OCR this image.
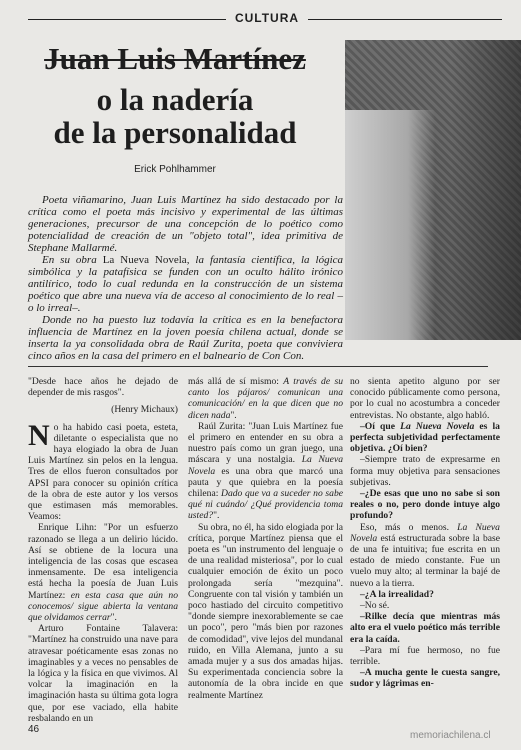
CULTURA
Juan Luis Martínez
o la nadería
de la personalidad
Erick Pohlhammer

Poeta viñamarino, Juan Luis Martínez ha sido destacado por la crítica como el poeta más incisivo y experimental de las últimas generaciones, precursor de una concepción de lo poético como potencialidad de creación de un "objeto total", idea primitiva de Stephane Mallarmé.

En su obra La Nueva Novela, la fantasía científica, la lógica simbólica y la patafísica se funden con un oculto hálito irónico antilírico, todo lo cual redunda en la construcción de un sistema poético que abre una nueva vía de acceso al conocimiento de lo real –o lo irreal–.

Donde no ha puesto luz todavía la crítica es en la benefactora influencia de Martínez en la joven poesía chilena actual, donde se inserta la ya consolidada obra de Raúl Zurita, poeta que conviviera cinco años en la casa del primero en el balneario de Con Con.

"Desde hace años he dejado de depender de mis rasgos".

(Henry Michaux)

No ha habido casi poeta, esteta, diletante o especialista que no haya elogiado la obra de Juan Luis Martínez sin pelos en la lengua. Tres de ellos fueron consultados por APSI para conocer su opinión crítica de la obra de este autor y los versos que estimasen más memorables. Veamos:

Enrique Lihn: "Por un esfuerzo razonado se llega a un delirio lúcido. Así se obtiene de la locura una inteligencia de las cosas que escasea inmensamente. De esa inteligencia está hecha la poesía de Juan Luis Martínez: en esta casa que aún no conocemos/ sigue abierta la ventana que olvidamos cerrar".

Arturo Fontaine Talavera: "Martínez ha construido una nave para atravesar poéticamente esas zonas no imaginables y a veces no pensables de la lógica y la física en que vivimos. Al volcar la imaginación en la imaginación hasta su última gota logra que, por ese vaciado, ella habite resbalando en un

más allá de sí mismo: A través de su canto los pájaros/ comunican una comunicación/ en la que dicen que no dicen nada".

Raúl Zurita: "Juan Luis Martínez fue el primero en entender en su obra a nuestro país como un gran juego, una máscara y una nostalgia. La Nueva Novela es una obra que marcó una pauta y que quiebra en la poesía chilena: Dado que va a suceder no sabe qué ni cuándo/ ¿Qué providencia toma usted?".

Su obra, no él, ha sido elogiada por la crítica, porque Martínez piensa que el poeta es "un instrumento del lenguaje o de una realidad misteriosa", por lo cual cualquier emoción de éxito un poco prolongada sería "mezquina". Congruente con tal visión y también un poco hastiado del circuito competitivo "donde siempre inexorablemente se cae un poco", pero "más bien por razones de comodidad", vive lejos del mundanal ruido, en Villa Alemana, junto a su amada mujer y a sus dos amadas hijas. Su experimentada conciencia sobre la autonomía de la obra incide en que realmente Martínez

no sienta apetito alguno por ser conocido públicamente como persona, por lo cual no acostumbra a conceder entrevistas. No obstante, algo habló.

–Oí que La Nueva Novela es la perfecta subjetividad perfectamente objetiva. ¿Oí bien?

–Siempre trato de expresarme en forma muy objetiva para sensaciones subjetivas.

–¿De esas que uno no sabe si son reales o no, pero donde intuye algo profundo?

Eso, más o menos. La Nueva Novela está estructurada sobre la base de una fe intuitiva; fue escrita en un estado de miedo constante. Fue un vuelo muy alto; al terminar la bajé de nuevo a la tierra.

–¿A la irrealidad?

–No sé.

–Rilke decía que mientras más alto era el vuelo poético más terrible era la caída.

–Para mí fue hermoso, no fue terrible.

–A mucha gente le cuesta sangre, sudor y lágrimas en-

46
memoriachilena.cl
